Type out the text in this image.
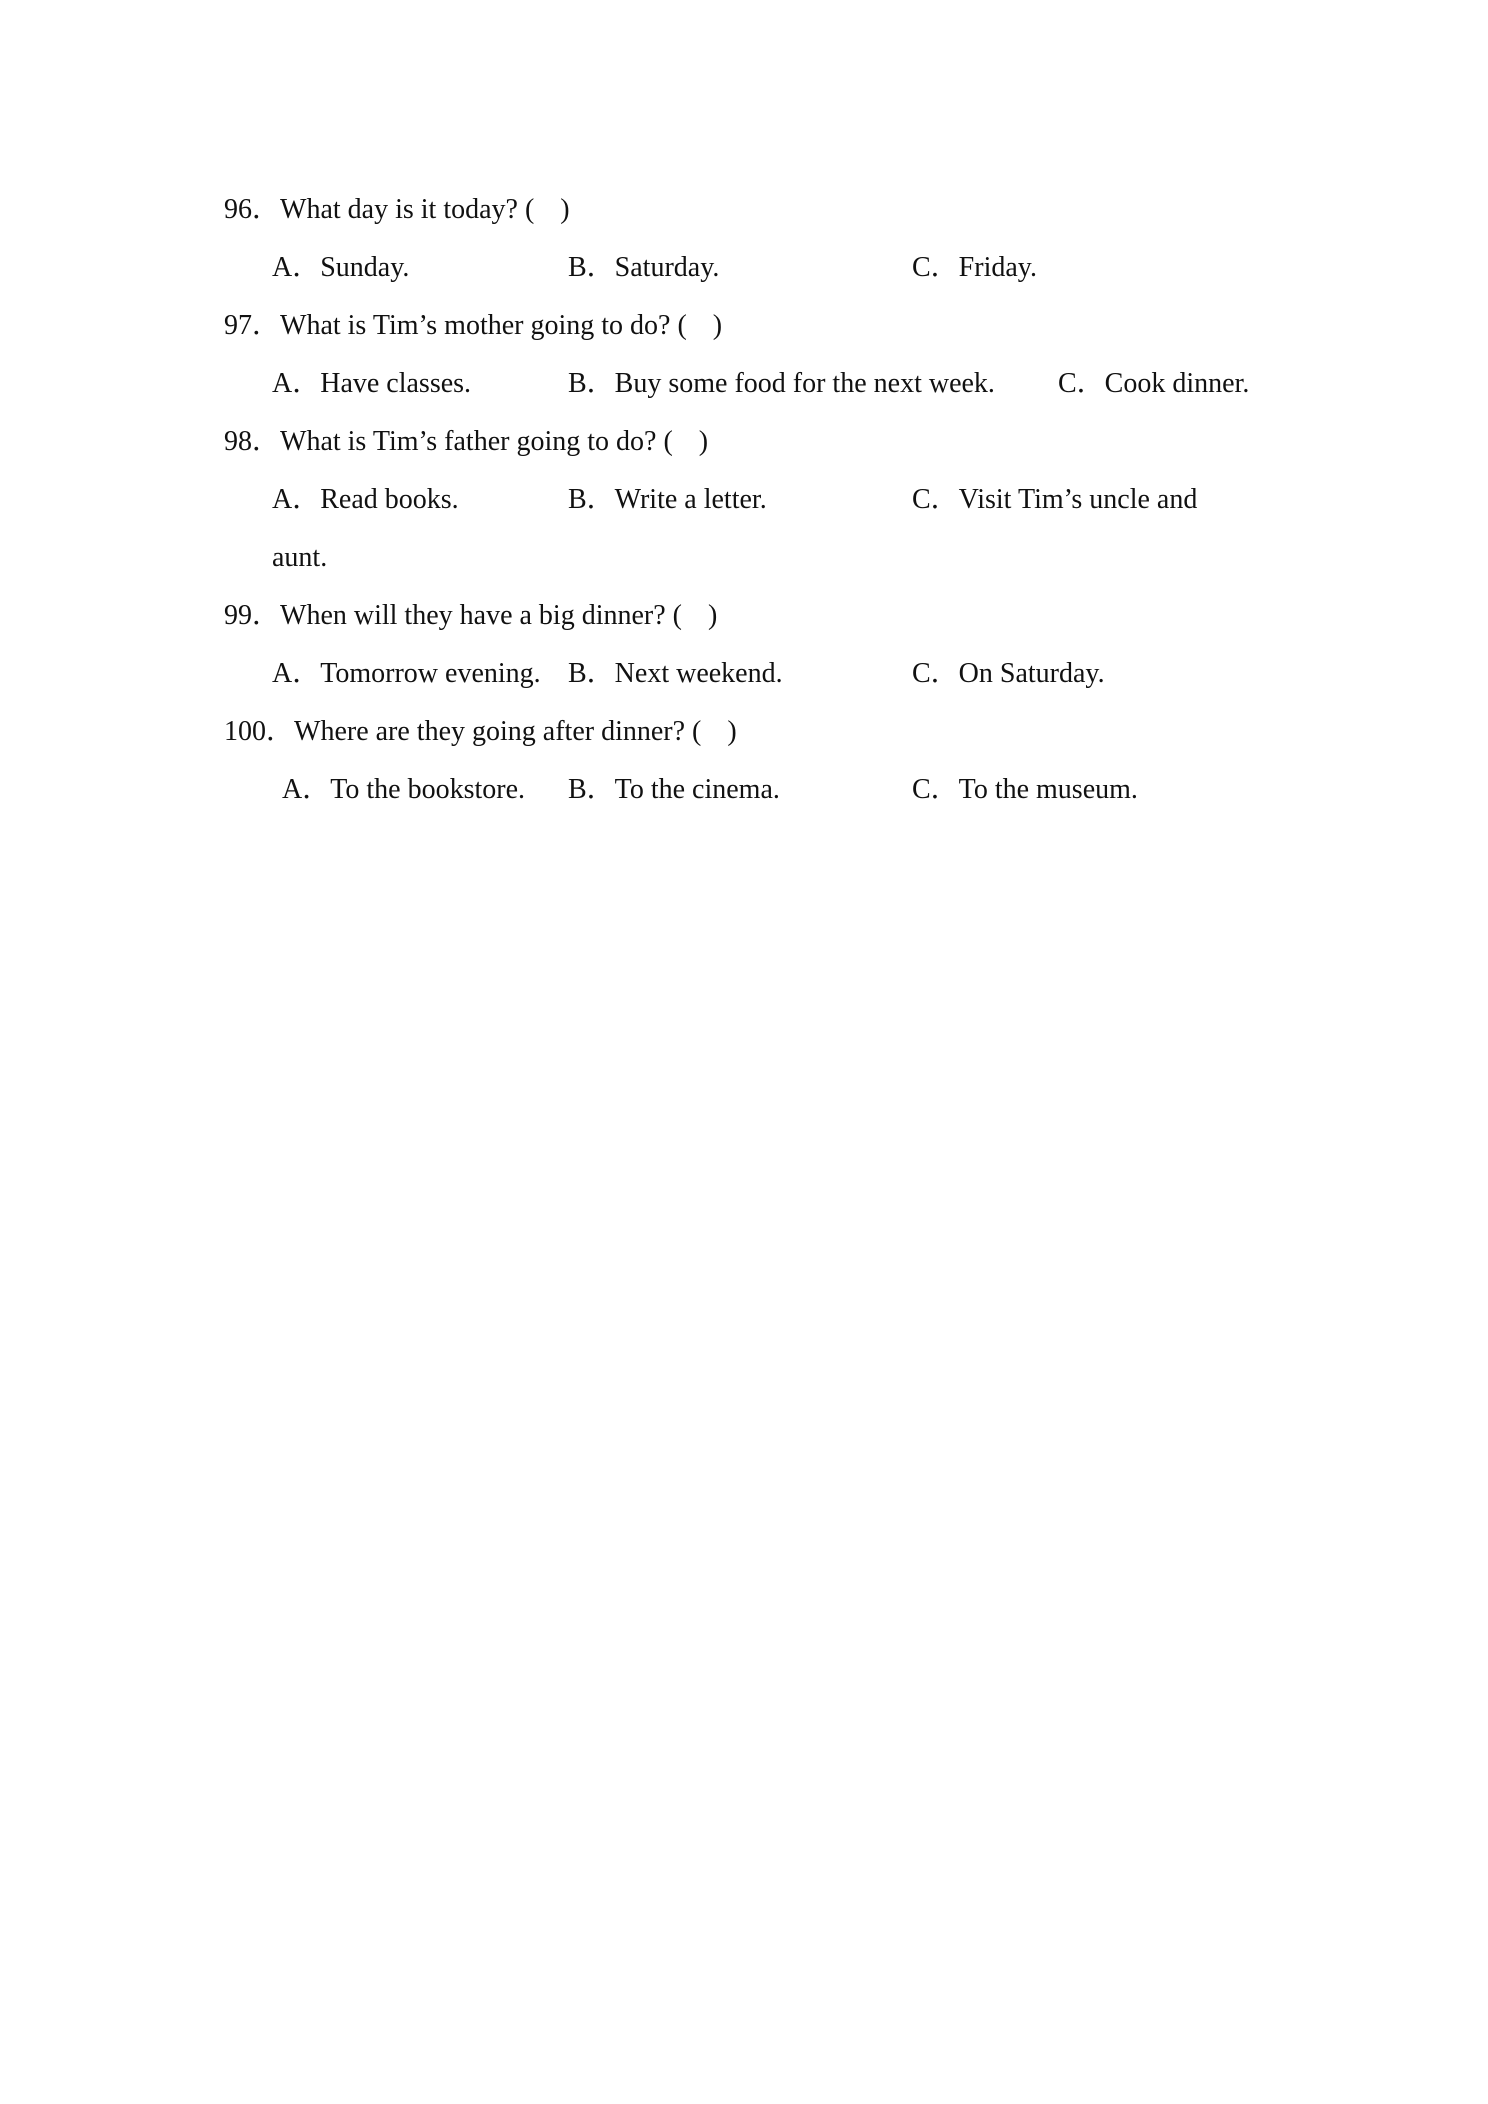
96．What day is it today? ( )
A．Sunday.	B．Saturday.	C．Friday.
97．What is Tim’s mother going to do? ( )
A．Have classes.	B．Buy some food for the next week. C．Cook dinner.
98．What is Tim’s father going to do? ( )
A．Read books.	B．Write a letter.	C．Visit Tim’s uncle and
aunt.
99．When will they have a big dinner? ( )
A．Tomorrow evening. B．Next weekend.	C．On Saturday.
100．Where are they going after dinner? ( )
A．To the bookstore. B．To the cinema.	C．To the museum.
